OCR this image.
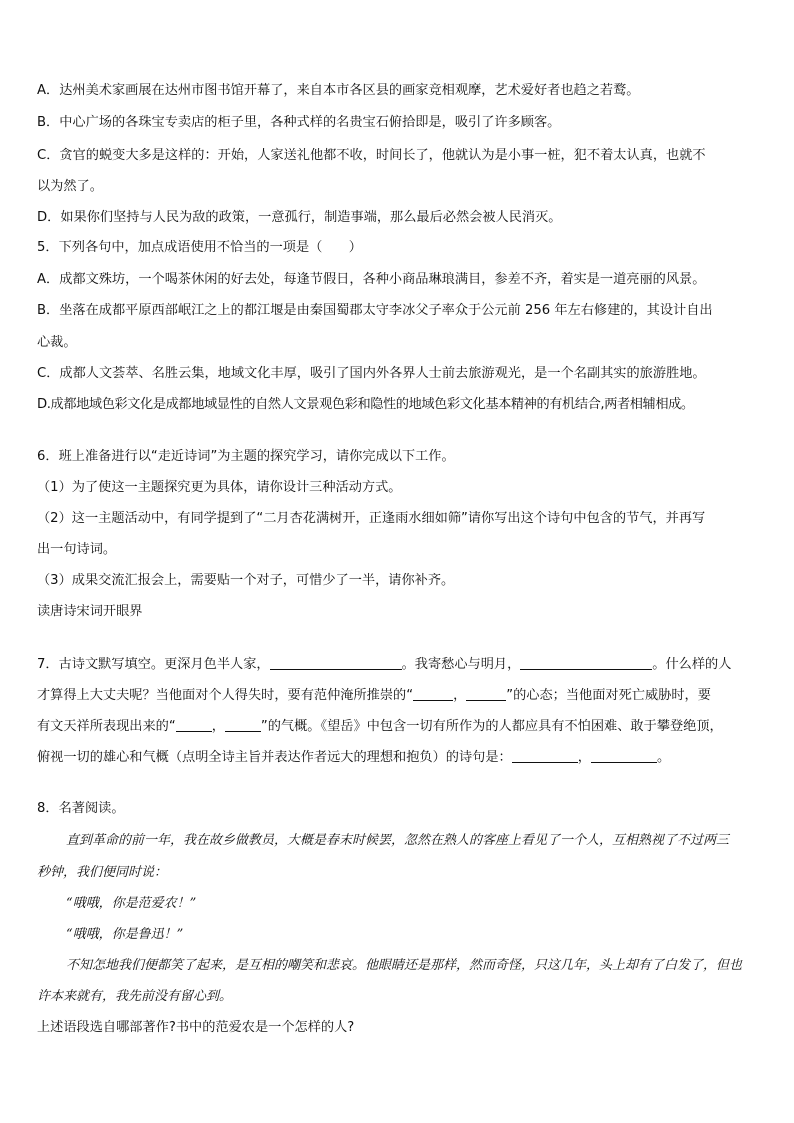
A．达州美术家画展在达州市图书馆开幕了，来自本市各区县的画家竞相观摩，艺术爱好者也趋之若鹜。
B．中心广场的各珠宝专卖店的柜子里，各种式样的名贵宝石俯拾即是，吸引了许多顾客。
C．贪官的蜕变大多是这样的：开始，人家送礼他都不收，时间长了，他就认为是小事一桩，犯不着太认真，也就不
以为然了。
D．如果你们坚持与人民为敌的政策，一意孤行，制造事端，那么最后必然会被人民消灭。
5．下列各句中，加点成语使用不恰当的一项是（　　）
A．成都文殊坊，一个喝茶休闲的好去处，每逢节假日，各种小商品琳琅满目，参差不齐，着实是一道亮丽的风景。
B．坐落在成都平原西部岷江之上的都江堰是由秦国蜀郡太守李冰父子率众于公元前 256 年左右修建的，其设计自出
心裁。
C．成都人文荟萃、名胜云集，地域文化丰厚，吸引了国内外各界人士前去旅游观光，是一个名副其实的旅游胜地。
D.成都地域色彩文化是成都地域显性的自然人文景观色彩和隐性的地域色彩文化基本精神的有机结合,两者相辅相成。
6．班上准备进行以“走近诗词”为主题的探究学习，请你完成以下工作。
（1）为了使这一主题探究更为具体，请你设计三种活动方式。
（2）这一主题活动中，有同学提到了“二月杏花满树开，正逢雨水细如筛”请你写出这个诗句中包含的节气，并再写
出一句诗词。
（3）成果交流汇报会上，需要贴一个对子，可惜少了一半，请你补齐。
读唐诗宋词开眼界
7．古诗文默写填空。更深月色半人家，	。我寄愁心与明月，	。什么样的人
才算得上大丈夫呢？当他面对个人得失时，要有范仲淹所推崇的“	，	”的心态；当他面对死亡威胁时，要
有文天祥所表现出来的“	，	”的气概。《望岳》中包含一切有所作为的人都应具有不怕困难、敢于攀登绝顶，
俯视一切的雄心和气概（点明全诗主旨并表达作者远大的理想和抱负）的诗句是：	，	。
8．名著阅读。
直到革命的前一年，我在故乡做教员，大概是春末时候罢，忽然在熟人的客座上看见了一个人，互相熟视了不过两三
秒钟，我们便同时说：
“哦哦，你是范爱农！”
“哦哦，你是鲁迅！”
不知怎地我们便都笑了起来，是互相的嘲笑和悲哀。他眼睛还是那样，然而奇怪，只这几年，头上却有了白发了，但也
许本来就有，我先前没有留心到。
上述语段选自哪部著作?书中的范爱农是一个怎样的人?
